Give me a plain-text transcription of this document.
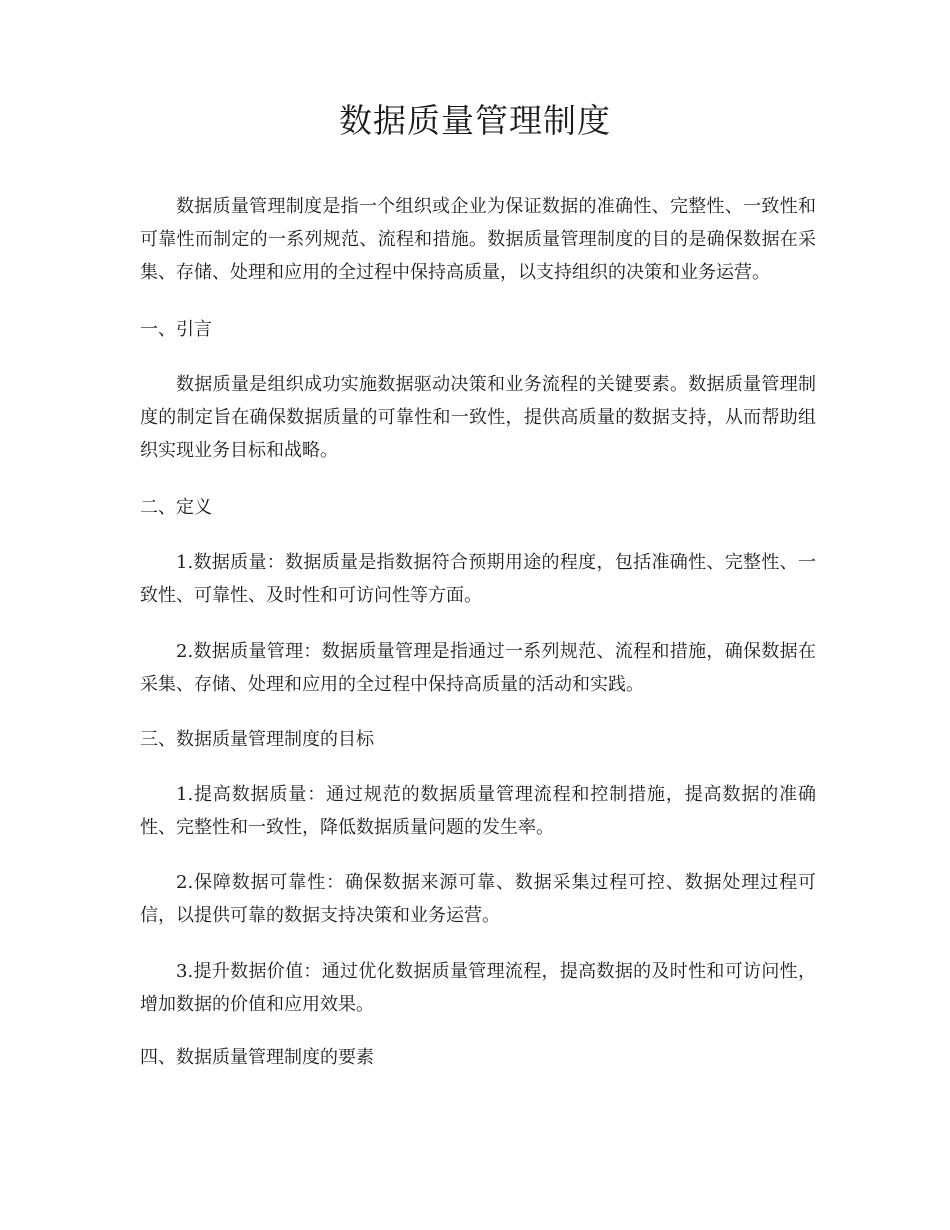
数据质量管理制度

数据质量管理制度是指一个组织或企业为保证数据的准确性、完整性、一致性和可靠性而制定的一系列规范、流程和措施。数据质量管理制度的目的是确保数据在采集、存储、处理和应用的全过程中保持高质量，以支持组织的决策和业务运营。

一、引言

数据质量是组织成功实施数据驱动决策和业务流程的关键要素。数据质量管理制度的制定旨在确保数据质量的可靠性和一致性，提供高质量的数据支持，从而帮助组织实现业务目标和战略。

二、定义

1.数据质量：数据质量是指数据符合预期用途的程度，包括准确性、完整性、一致性、可靠性、及时性和可访问性等方面。

2.数据质量管理：数据质量管理是指通过一系列规范、流程和措施，确保数据在采集、存储、处理和应用的全过程中保持高质量的活动和实践。

三、数据质量管理制度的目标

1.提高数据质量：通过规范的数据质量管理流程和控制措施，提高数据的准确性、完整性和一致性，降低数据质量问题的发生率。

2.保障数据可靠性：确保数据来源可靠、数据采集过程可控、数据处理过程可信，以提供可靠的数据支持决策和业务运营。

3.提升数据价值：通过优化数据质量管理流程，提高数据的及时性和可访问性，增加数据的价值和应用效果。

四、数据质量管理制度的要素
